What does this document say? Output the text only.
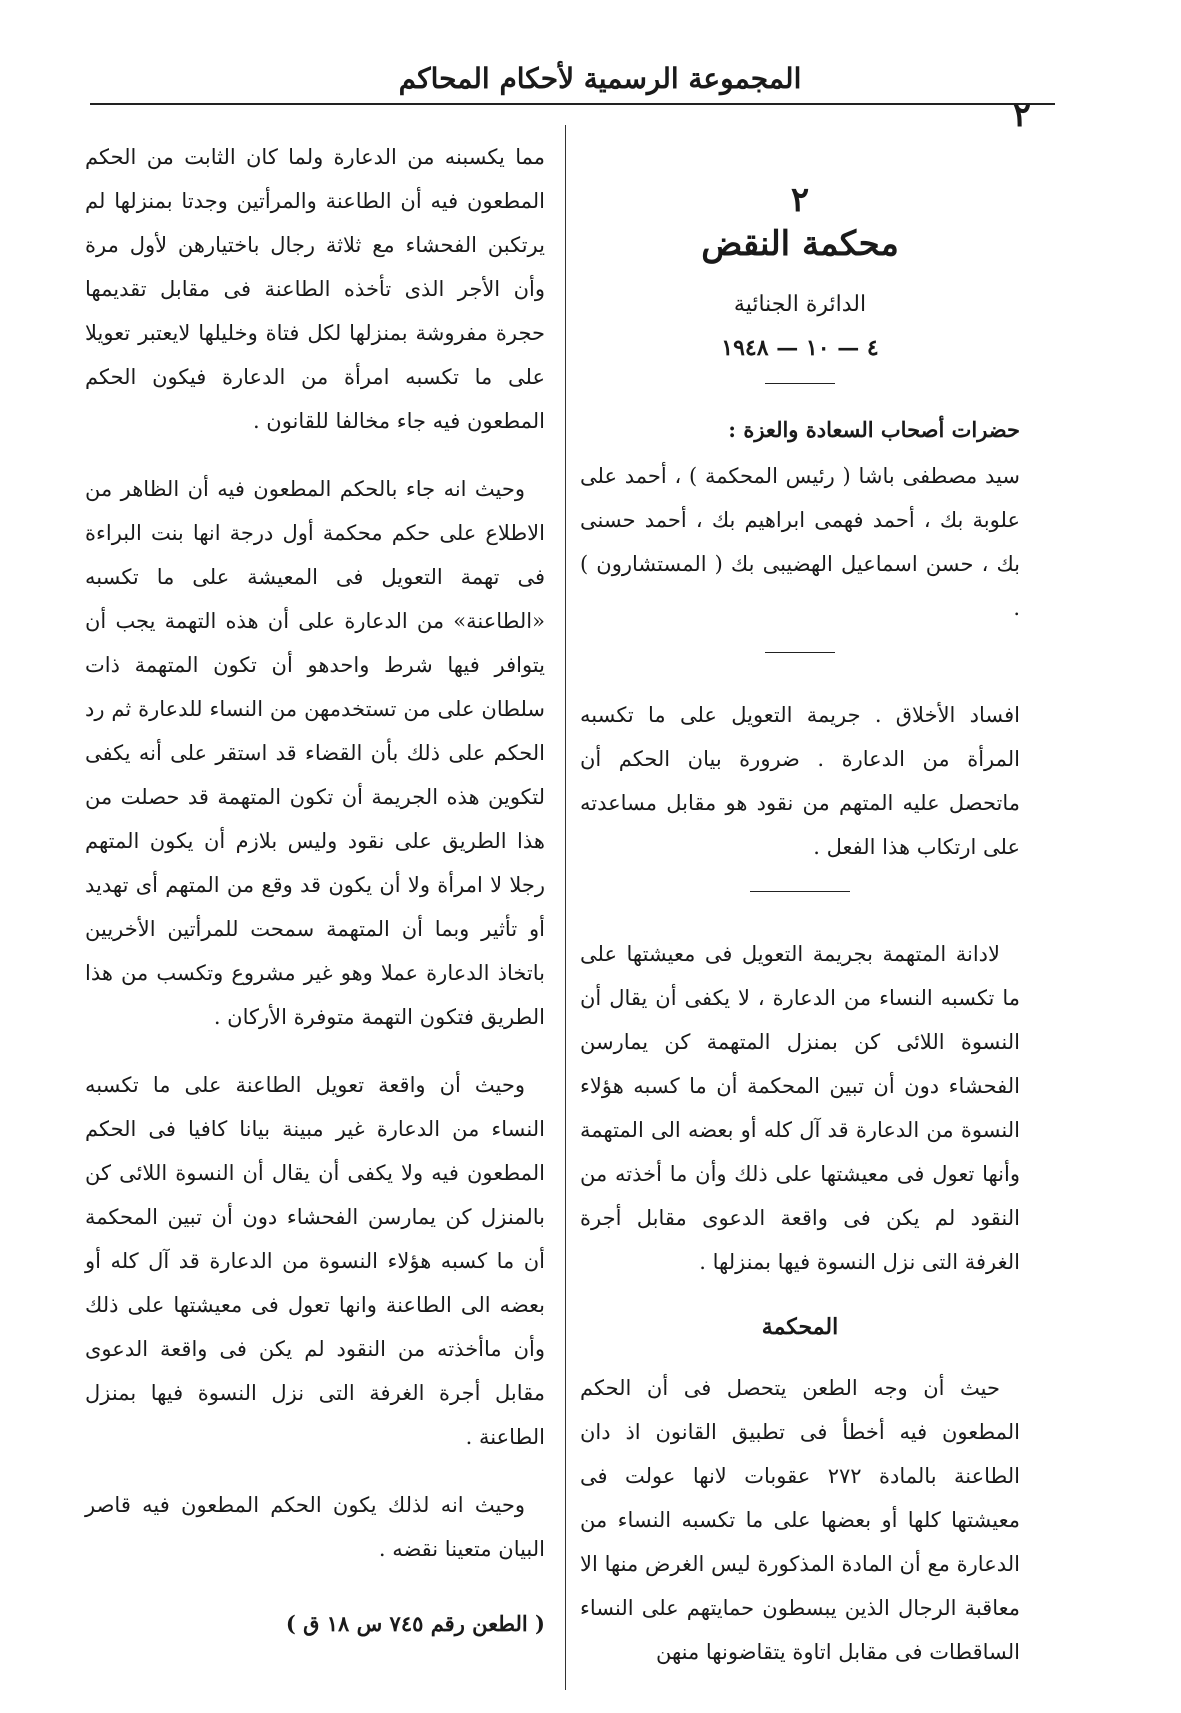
المجموعة الرسمية لأحكام المحاكم
٢
٢
محكمة النقض
الدائرة الجنائية
٤ — ١٠ — ١٩٤٨
حضرات أصحاب السعادة والعزة :
سيد مصطفى باشا ( رئيس المحكمة ) ، أحمد على علوبة بك ، أحمد فهمى ابراهيم بك ، أحمد حسنى بك ، حسن اسماعيل الهضيبى بك ( المستشارون ) .
افساد الأخلاق . جريمة التعويل على ما تكسبه المرأة من الدعارة . ضرورة بيان الحكم أن ماتحصل عليه المتهم من نقود هو مقابل مساعدته على ارتكاب هذا الفعل .
لادانة المتهمة بجريمة التعويل فى معيشتها على ما تكسبه النساء من الدعارة ، لا يكفى أن يقال أن النسوة اللائى كن بمنزل المتهمة كن يمارسن الفحشاء دون أن تبين المحكمة أن ما كسبه هؤلاء النسوة من الدعارة قد آل كله أو بعضه الى المتهمة وأنها تعول فى معيشتها على ذلك وأن ما أخذته من النقود لم يكن فى واقعة الدعوى مقابل أجرة الغرفة التى نزل النسوة فيها بمنزلها .
المحكمة
حيث أن وجه الطعن يتحصل فى أن الحكم المطعون فيه أخطأ فى تطبيق القانون اذ دان الطاعنة بالمادة ٢٧٢ عقوبات لانها عولت فى معيشتها كلها أو بعضها على ما تكسبه النساء من الدعارة مع أن المادة المذكورة ليس الغرض منها الا معاقبة الرجال الذين يبسطون حمايتهم على النساء الساقطات فى مقابل اتاوة يتقاضونها منهن
مما يكسبنه من الدعارة ولما كان الثابت من الحكم المطعون فيه أن الطاعنة والمرأتين وجدتا بمنزلها لم يرتكبن الفحشاء مع ثلاثة رجال باختيارهن لأول مرة وأن الأجر الذى تأخذه الطاعنة فى مقابل تقديمها حجرة مفروشة بمنزلها لكل فتاة وخليلها لايعتبر تعويلا على ما تكسبه امرأة من الدعارة فيكون الحكم المطعون فيه جاء مخالفا للقانون .
وحيث انه جاء بالحكم المطعون فيه أن الظاهر من الاطلاع على حكم محكمة أول درجة انها بنت البراءة فى تهمة التعويل فى المعيشة على ما تكسبه «الطاعنة» من الدعارة على أن هذه التهمة يجب أن يتوافر فيها شرط واحدهو أن تكون المتهمة ذات سلطان على من تستخدمهن من النساء للدعارة ثم رد الحكم على ذلك بأن القضاء قد استقر على أنه يكفى لتكوين هذه الجريمة أن تكون المتهمة قد حصلت من هذا الطريق على نقود وليس بلازم أن يكون المتهم رجلا لا امرأة ولا أن يكون قد وقع من المتهم أى تهديد أو تأثير وبما أن المتهمة سمحت للمرأتين الأخريين باتخاذ الدعارة عملا وهو غير مشروع وتكسب من هذا الطريق فتكون التهمة متوفرة الأركان .
وحيث أن واقعة تعويل الطاعنة على ما تكسبه النساء من الدعارة غير مبينة بيانا كافيا فى الحكم المطعون فيه ولا يكفى أن يقال أن النسوة اللائى كن بالمنزل كن يمارسن الفحشاء دون أن تبين المحكمة أن ما كسبه هؤلاء النسوة من الدعارة قد آل كله أو بعضه الى الطاعنة وانها تعول فى معيشتها على ذلك وأن ماأخذته من النقود لم يكن فى واقعة الدعوى مقابل أجرة الغرفة التى نزل النسوة فيها بمنزل الطاعنة .
وحيث انه لذلك يكون الحكم المطعون فيه قاصر البيان متعينا نقضه .
( الطعن رقم ٧٤٥ س ١٨ ق )
